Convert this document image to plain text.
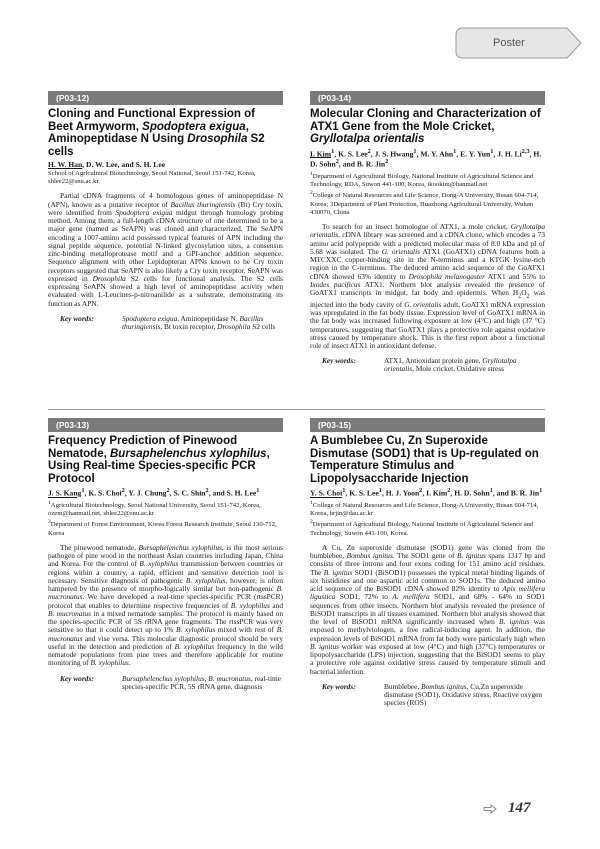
Poster
(P03-12)
Cloning and Functional Expression of Beet Armyworm, Spodoptera exigua, Aminopeptidase N Using Drosophila S2 cells
H. W. Han, D. W. Lee, and S. H. Lee
School of Agricultural Biotechnology, Seoul National, Seoul 151-742, Korea, shlee22@snu.ac.kr

Partial cDNA fragments of 4 homologous genes of aminopeptidase N (APN), known as a putative receptor of Bacillus thuringiensis (Bt) Cry toxin, were identified from Spodoptera exigua midgut through homology probing method. Among them, a full-length cDNA structure of one determined to be a major gene (named as SeAPN) was cloned and characterized. The SeAPN encoding a 1007-amino acid possessed typical features of APN including the signal peptide sequence, potential N-linked glycosylation sites, a consensus zinc-binding metalloprotease motif and a GPI-anchor addition sequence. Sequence alignment with other Lepidopteran APNs known to be Cry toxin receptors suggested that SeAPN is also likely a Cry toxin receptor. SeAPN was expressed in Drosophila S2 cells for functional analysis. The S2 cells expressing SeAPN showed a high level of aminopeptidase activity when evaluated with L-Leucines-p-nitroanilide as a substrate, demonstrating its function as APN.

Key words:	Spodoptera exigua, Aminopeptidase N, Bacillus thuringiensis, Bt toxin receptor, Drosophila S2 cells
(P03-14)
Molecular Cloning and Characterization of ATX1 Gene from the Mole Cricket, Gryllotalpa orientalis
I. Kim$^1$, K. S. Lee$^2$, J. S. Hwang$^1$, M. Y. Ahn$^1$, E. Y. Yun$^1$, J. H. Li$^{2,3}$, H. D. Sohn$^2$, and B. R. Jin$^2$
$^1$Department of Agricultural Biology, National Institute of Agricultural Science and Technology, RDA, Suwon 441-100, Korea, ikookim@hanmail.net
$^2$College of Natural Resources and Life Science, Dong-A University, Busan 604-714, Korea; 3Department of Plant Protection, Huazhong Agricultural University, Wuhan 430070, China

To search for an insect homologue of ATX1, a mole cricket, Gryllotalpa orientalis, cDNA library was screened and a cDNA clone, which encodes a 73 amino acid polypeptide with a predicted molecular mass of 8.0 kDa and pI of 5.68 was isolated. The G. orientalis ATX1 (GoATX1) cDNA features both a MTCXXC copper-binding site in the N-terminus and a KTGK lysine-rich region in the C-terminus. The deduced amino acid sequence of the GoATX1 cDNA showed 63% identity to Drosophila melanogaster ATX1 and 55% to Ixodes pacificus ATX1. Northern blot analysis revealed the presence of GoATX1 transcripts in midgut, fat body and epidermis. When $H_2O_2$ was injected into the body cavity of G. orientalis adult, GoATX1 mRNA expression was upregulated in the fat body tissue. Expression level of GoATX1 mRNA in the fat body was increased following exposure at low (4°C) and high (37 °C) temperatures, suggesting that GoATX1 plays a protective role against oxidative stress caused by temperature shock. This is the first report about a functional role of insect ATX1 in antioxidant defense.

Key words:	ATX1, Antioxidant protein gene, Gryllotalpa orientalis, Mole cricket, Oxidative stress
(P03-13)
Frequency Prediction of Pinewood Nematode, Bursaphelenchus xylophilus, Using Real-time Species-specific PCR Protocol
J. S. Kang$^1$, K. S. Choi$^2$, Y. J. Chung$^2$, S. C. Shin$^2$, and S. H. Lee$^1$
$^1$Agricultural Biotechnology, Seoul National University, Seoul 151-742, Korea, ozem@hanmail.net, shlee22@snu.ac.kr
$^2$Department of Forest Environment, Korea Forest Research Institute, Seoul 130-712, Korea

The pinewood nematode, Bursaphelenchus xylophilus, is the most serious pathogen of pine wood in the northeast Asian countries including Japan, China and Korea. For the control of B. xylophilus transmission between countries or regions within a country, a rapid, efficient and sensitive detection tool is necessary. Sensitive diagnosis of pathogenic B. xylophilus, however, is often hampered by the presence of morpho-logically similar but non-pathogenic B. mucronatus. We have developed a real-time species-specific PCR (rtssPCR) protocol that enables to determine respective frequencies of B. xylophilus and B. mucronatus in a mixed nematode samples. The protocol is mainly based on the species-specific PCR of 5S rRNA gene fragments. The rtssPCR was very sensitive so that it could detect up to 1% B. xylophilus mixed with rest of B. mucronatus and vise versa. This molecular diagnostic protocol should be very useful in the detection and prediction of B. xylophilus frequency in the wild nematode populations from pine trees and therefore applicable for routine monitoring of B. xylophilus.

Key words:	Bursaphelenchus xylophilus, B. mucronatus, real-time species-specific PCR, 5S rRNA gene, diagnosis
(P03-15)
A Bumblebee Cu, Zn Superoxide Dismutase (SOD1) that is Up-regulated on Temperature Stimulus and Lipopolysaccharide Injection
Y. S. Choi$^1$, K. S. Lee$^1$, H. J. Yoon$^2$, I. Kim$^2$, H. D. Sohn$^1$, and B. R. Jin$^1$
$^1$College of Natural Resources and Life Science, Dong-A University, Busan 604-714, Korea, brjin@dau.ac.kr
$^2$Department of Agricultural Biology, National Institute of Agricultural Science and Technology, Suwon 441-100, Korea.

A Cu, Zn superoxide dismutase (SOD1) gene was cloned from the bumblebee, Bombus ignitus. The SOD1 gene of B. ignitus spans 1317 bp and consists of three introns and four exons coding for 151 amino acid residues. The B. ignitus SOD1 (BiSOD1) possesses the typical metal binding ligands of six histidines and one aspartic acid common to SOD1s. The deduced amino acid sequence of the BiSOD1 cDNA showed 82% identity to Apis mellifera ligustica SOD1, 72% to A. mellifera SOD1, and 68% - 64% to SOD1 sequences from other insects. Northern blot analysis revealed the presence of BiSOD1 transcripts in all tissues examined. Northern blot analysis showed that the level of BiSOD1 mRNA significantly increased when B. ignitus was exposed to methylviologen, a free radical-inducing agent. In addition, the expression levels of BiSOD1 mRNA from fat body were particularly high when B. ignitus worker was exposed at low (4°C) and high (37°C) temperatures or lipopolysaccharide (LPS) injection, suggesting that the BiSOD1 seems to play a protective role against oxidative stress caused by temperature stimuli and bacterial infection.

Key words:	Bumblebee, Bombus ignitus, Cu,Zn superoxide dismutase (SOD1), Oxidative stress, Reactive oxygen species (ROS)
147
